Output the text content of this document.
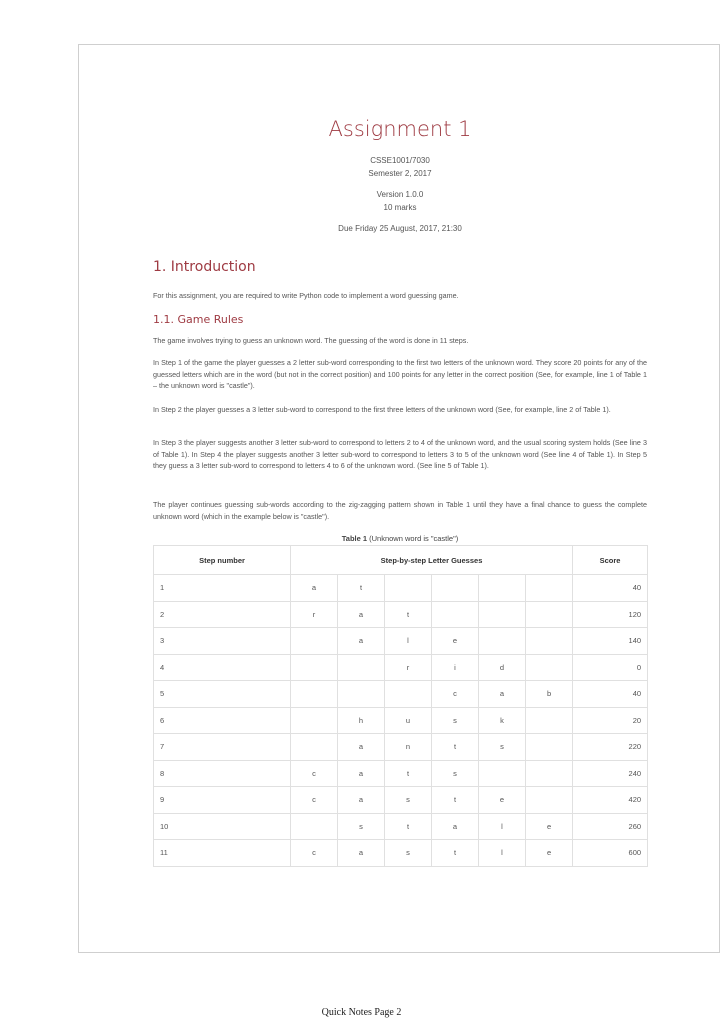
Assignment 1
CSSE1001/7030
Semester 2, 2017
Version 1.0.0
10 marks
Due Friday 25 August, 2017, 21:30
1. Introduction

For this assignment, you are required to write Python code to implement a word guessing game.

1.1. Game Rules

The game involves trying to guess an unknown word. The guessing of the word is done in 11 steps.

In Step 1 of the game the player guesses a 2 letter sub-word corresponding to the first two letters of the unknown word. They score 20 points for any of the guessed letters which are in the word (but not in the correct position) and 100 points for any letter in the correct position (See, for example, line 1 of Table 1 – the unknown word is "castle").

In Step 2 the player guesses a 3 letter sub-word to correspond to the first three letters of the unknown word (See, for example, line 2 of Table 1).

In Step 3 the player suggests another 3 letter sub-word to correspond to letters 2 to 4 of the unknown word, and the usual scoring system holds (See line 3 of Table 1). In Step 4 the player suggests another 3 letter sub-word to correspond to letters 3 to 5 of the unknown word (See line 4 of Table 1). In Step 5 they guess a 3 letter sub-word to correspond to letters 4 to 6 of the unknown word. (See line 5 of Table 1).

The player continues guessing sub-words according to the zig-zagging pattern shown in Table 1 until they have a final chance to guess the complete unknown word (which in the example below is "castle").

Table 1 (Unknown word is "castle")
Step number	Step-by-step Letter Guesses						Score
1	a	t					40
2	r	a	t				120
3		a	l	e			140
4			r	i	d		0
5				c	a	b	40
6		h	u	s	k		20
7		a	n	t	s		220
8	c	a	t	s			240
9	c	a	s	t	e		420
10		s	t	a	l	e	260
11	c	a	s	t	l	e	600
Quick Notes Page 2
